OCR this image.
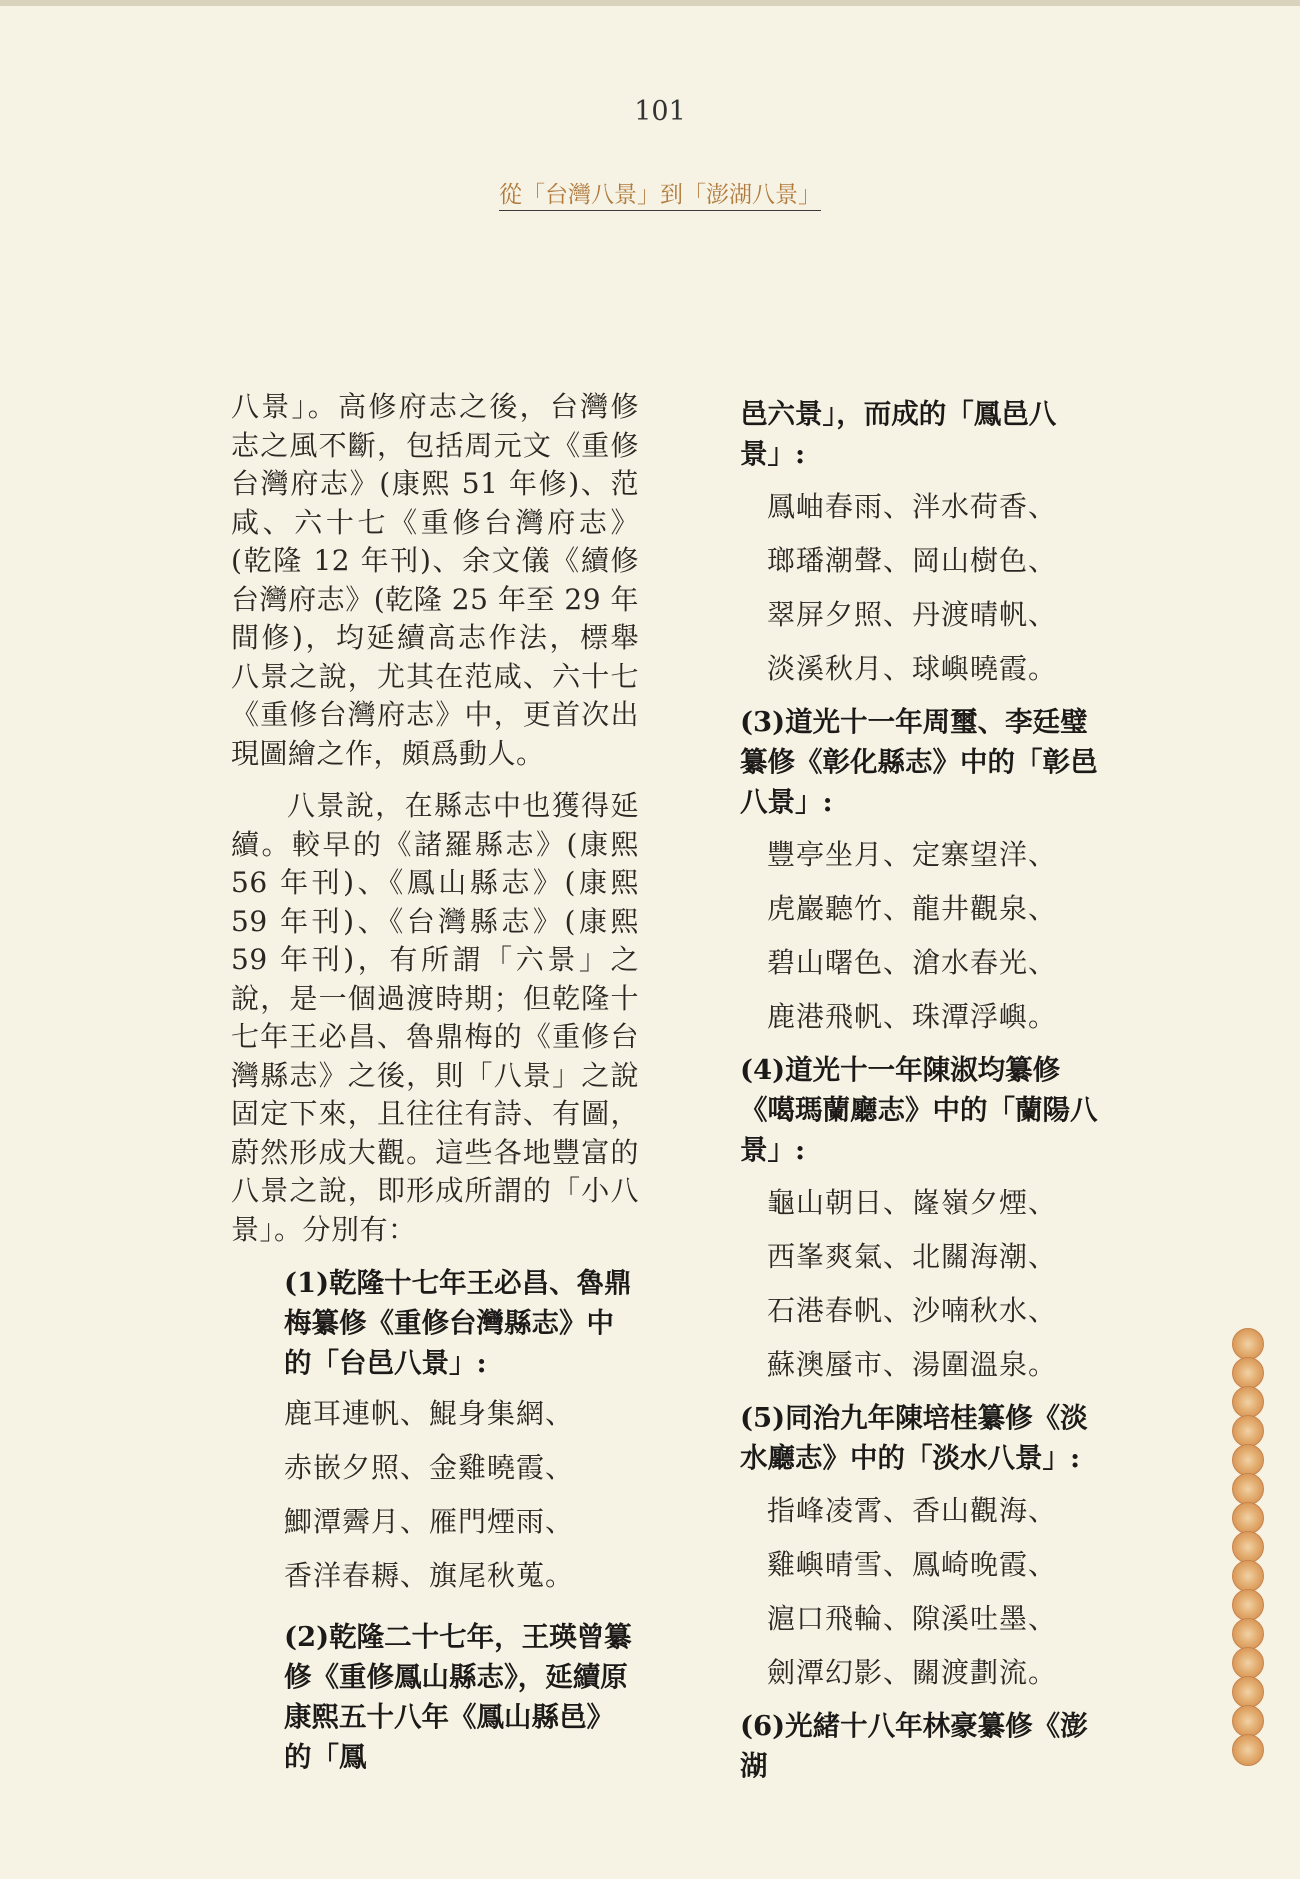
101
從「台灣八景」到「澎湖八景」

八景」。高修府志之後，台灣修志之風不斷，包括周元文《重修台灣府志》(康熙 51 年修)、范咸、六十七《重修台灣府志》(乾隆 12 年刊)、余文儀《續修台灣府志》(乾隆 25 年至 29 年間修)，均延續高志作法，標舉八景之說，尤其在范咸、六十七《重修台灣府志》中，更首次出現圖繪之作，頗爲動人。

八景說，在縣志中也獲得延續。較早的《諸羅縣志》(康熙 56 年刊)、《鳳山縣志》(康熙 59 年刊)、《台灣縣志》(康熙 59 年刊)，有所謂「六景」之說，是一個過渡時期；但乾隆十七年王必昌、魯鼎梅的《重修台灣縣志》之後，則「八景」之說固定下來，且往往有詩、有圖，蔚然形成大觀。這些各地豐富的八景之說，即形成所謂的「小八景」。分別有：

(1)乾隆十七年王必昌、魯鼎梅纂修《重修台灣縣志》中的「台邑八景」:

鹿耳連帆、鯤身集網、
赤嵌夕照、金雞曉霞、
鯽潭霽月、雁門煙雨、
香洋春耨、旗尾秋蒐。

(2)乾隆二十七年，王瑛曾纂修《重修鳳山縣志》，延續原康熙五十八年《鳳山縣邑》的「鳳

邑六景」，而成的「鳳邑八景」:

鳳岫春雨、泮水荷香、
瑯璠潮聲、岡山樹色、
翠屏夕照、丹渡晴帆、
淡溪秋月、球嶼曉霞。

(3)道光十一年周璽、李廷璧纂修《彰化縣志》中的「彰邑八景」:

豐亭坐月、定寨望洋、
虎巖聽竹、龍井觀泉、
碧山曙色、滄水春光、
鹿港飛帆、珠潭浮嶼。

(4)道光十一年陳淑均纂修《噶瑪蘭廳志》中的「蘭陽八景」:

龜山朝日、嶐嶺夕煙、
西峯爽氣、北關海潮、
石港春帆、沙喃秋水、
蘇澳蜃市、湯圍溫泉。

(5)同治九年陳培桂纂修《淡水廳志》中的「淡水八景」:

指峰凌霄、香山觀海、
雞嶼晴雪、鳳崎晚霞、
滬口飛輪、隙溪吐墨、
劍潭幻影、關渡劃流。

(6)光緒十八年林豪纂修《澎湖
